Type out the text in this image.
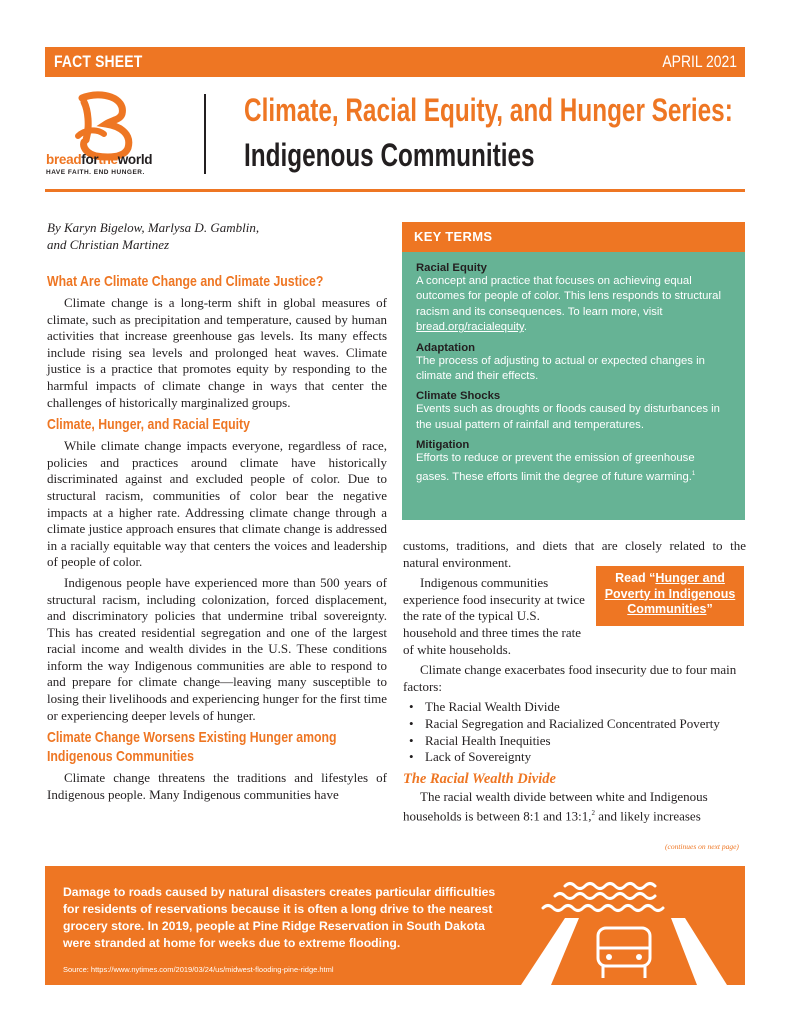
FACT SHEET	APRIL 2021
breadfortheworld
HAVE FAITH. END HUNGER.
Climate, Racial Equity, and Hunger Series:
Indigenous Communities
By Karyn Bigelow, Marlysa D. Gamblin,
and Christian Martinez
What Are Climate Change and Climate Justice?
Climate change is a long-term shift in global measures of climate, such as precipitation and temperature, caused by human activities that increase greenhouse gas levels. Its many effects include rising sea levels and prolonged heat waves. Climate justice is a practice that promotes equity by responding to the harmful impacts of climate change in ways that center the challenges of historically marginalized groups.
Climate, Hunger, and Racial Equity
While climate change impacts everyone, regardless of race, policies and practices around climate have historically discriminated against and excluded people of color. Due to structural racism, communities of color bear the negative impacts at a higher rate. Addressing climate change through a climate justice approach ensures that climate change is addressed in a racially equitable way that centers the voices and leadership of people of color.
Indigenous people have experienced more than 500 years of structural racism, including colonization, forced displacement, and discriminatory policies that undermine tribal sovereignty. This has created residential segregation and one of the largest racial income and wealth divides in the U.S. These conditions inform the way Indigenous communities are able to respond to and prepare for climate change—leaving many susceptible to losing their livelihoods and experiencing hunger for the first time or experiencing deeper levels of hunger.
Climate Change Worsens Existing Hunger among
Indigenous Communities
Climate change threatens the traditions and lifestyles of Indigenous people. Many Indigenous communities have
KEY TERMS
Racial Equity
A concept and practice that focuses on achieving equal outcomes for people of color. This lens responds to structural racism and its consequences. To learn more, visit bread.org/racialequity.
Adaptation
The process of adjusting to actual or expected changes in climate and their effects.
Climate Shocks
Events such as droughts or floods caused by disturbances in the usual pattern of rainfall and temperatures.
Mitigation
Efforts to reduce or prevent the emission of greenhouse gases. These efforts limit the degree of future warming.$^1$
customs, traditions, and diets that are closely related to the natural environment.
Indigenous communities experience food insecurity at twice the rate of the typical U.S. household and three times the rate of white households.
Climate change exacerbates food insecurity due to four main factors:
• The Racial Wealth Divide
• Racial Segregation and Racialized Concentrated Poverty
• Racial Health Inequities
• Lack of Sovereignty
The Racial Wealth Divide
The racial wealth divide between white and Indigenous households is between 8:1 and 13:1,$^2$ and likely increases
Read “Hunger and Poverty in Indigenous Communities”
(continues on next page)
Damage to roads caused by natural disasters creates particular difficulties for residents of reservations because it is often a long drive to the nearest grocery store. In 2019, people at Pine Ridge Reservation in South Dakota were stranded at home for weeks due to extreme flooding.
Source: https://www.nytimes.com/2019/03/24/us/midwest-flooding-pine-ridge.html
